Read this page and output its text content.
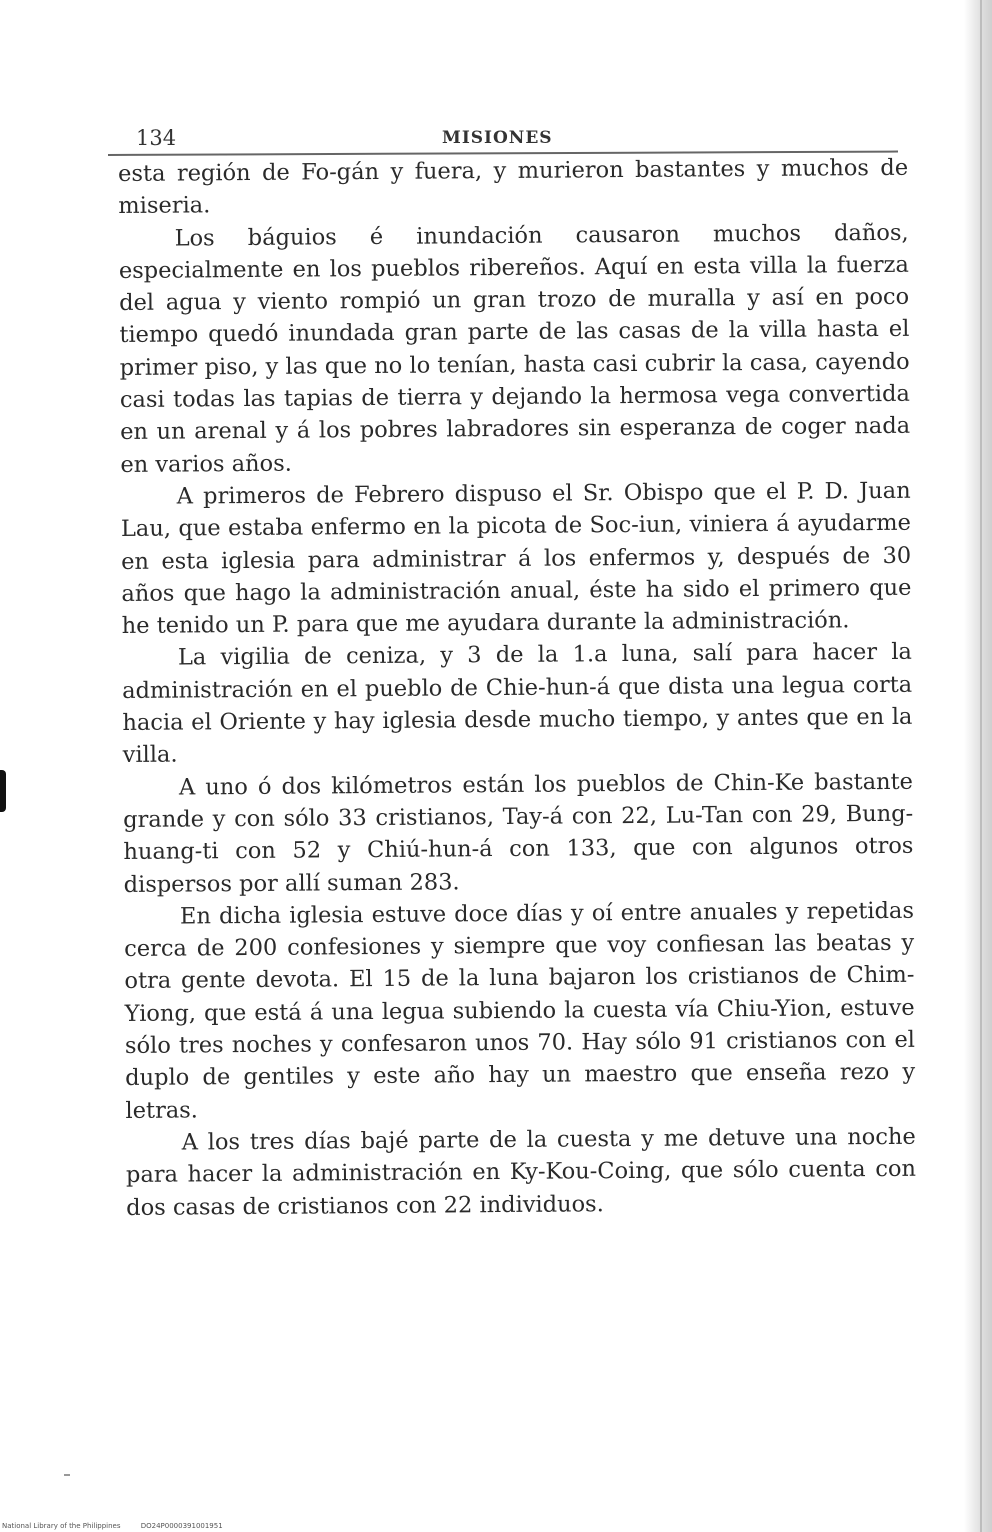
134	MISIONES

esta región de Fo-gán y fuera, y murieron bastantes y muchos de miseria.

Los báguios é inundación causaron muchos daños, especialmente en los pueblos ribereños. Aquí en esta villa la fuerza del agua y viento rompió un gran trozo de muralla y así en poco tiempo quedó inundada gran parte de las casas de la villa hasta el primer piso, y las que no lo tenían, hasta casi cubrir la casa, cayendo casi todas las tapias de tierra y dejando la hermosa vega convertida en un arenal y á los pobres labradores sin esperanza de coger nada en varios años.

A primeros de Febrero dispuso el Sr. Obispo que el P. D. Juan Lau, que estaba enfermo en la picota de Soc-iun, viniera á ayudarme en esta iglesia para administrar á los enfermos y, después de 30 años que hago la administración anual, éste ha sido el primero que he tenido un P. para que me ayudara durante la administración.

La vigilia de ceniza, y 3 de la 1.a luna, salí para hacer la administración en el pueblo de Chie-hun-á que dista una legua corta hacia el Oriente y hay iglesia desde mucho tiempo, y antes que en la villa.

A uno ó dos kilómetros están los pueblos de Chin-Ke bastante grande y con sólo 33 cristianos, Tay-á con 22, Lu-Tan con 29, Bung-huang-ti con 52 y Chiú-hun-á con 133, que con algunos otros dispersos por allí suman 283.

En dicha iglesia estuve doce días y oí entre anuales y repetidas cerca de 200 confesiones y siempre que voy confiesan las beatas y otra gente devota. El 15 de la luna bajaron los cristianos de Chim-Yiong, que está á una legua subiendo la cuesta vía Chiu-Yion, estuve sólo tres noches y confesaron unos 70. Hay sólo 91 cristianos con el duplo de gentiles y este año hay un maestro que enseña rezo y letras.

A los tres días bajé parte de la cuesta y me detuve una noche para hacer la administración en Ky-Kou-Coing, que sólo cuenta con dos casas de cristianos con 22 individuos.

National Library of the Philippines	DO24P0000391001951
